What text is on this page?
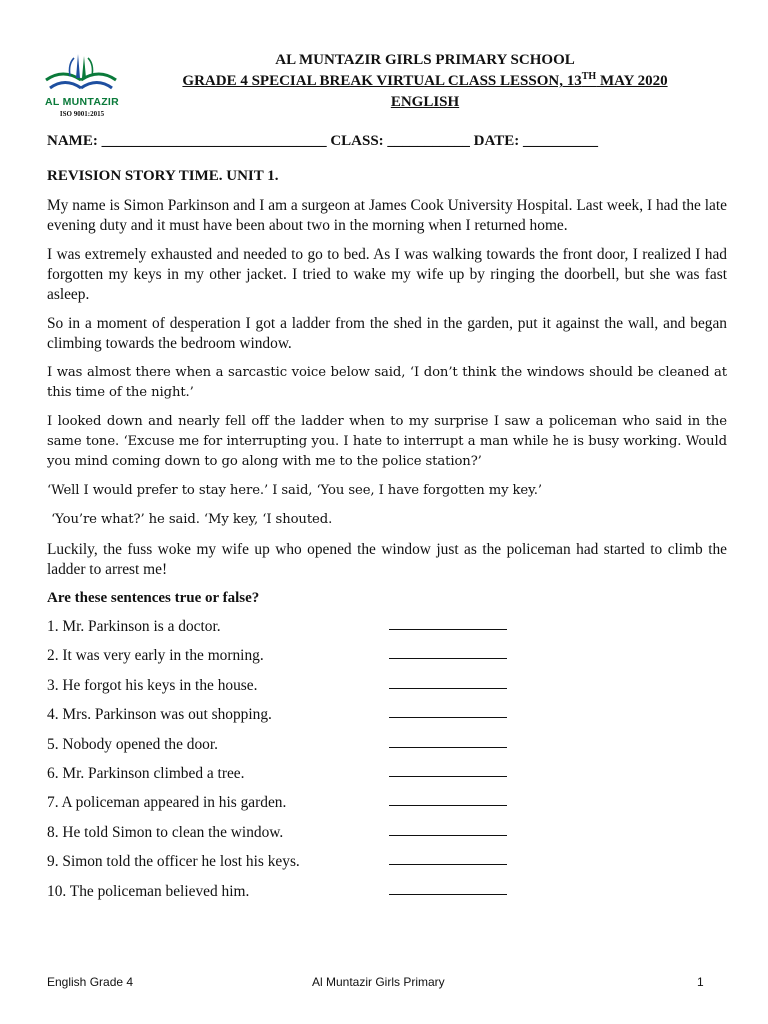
AL MUNTAZIR
ISO 9001:2015
AL MUNTAZIR GIRLS PRIMARY SCHOOL
GRADE 4 SPECIAL BREAK VIRTUAL CLASS LESSON, 13TH MAY 2020
ENGLISH
NAME: ______________________________ CLASS: ___________ DATE: __________
REVISION STORY TIME. UNIT 1.
My name is Simon Parkinson and I am a surgeon at James Cook University Hospital. Last week, I had the late evening duty and it must have been about two in the morning when I returned home.
I was extremely exhausted and needed to go to bed. As I was walking towards the front door, I realized I had forgotten my keys in my other jacket. I tried to wake my wife up by ringing the doorbell, but she was fast asleep.
So in a moment of desperation I got a ladder from the shed in the garden, put it against the wall, and began climbing towards the bedroom window.
I was almost there when a sarcastic voice below said, ‘I don’t think the windows should be cleaned at this time of the night.’
I looked down and nearly fell off the ladder when to my surprise I saw a policeman who said in the same tone. ‘Excuse me for interrupting you. I hate to interrupt a man while he is busy working. Would you mind coming down to go along with me to the police station?’
‘Well I would prefer to stay here.’ I said, ‘You see, I have forgotten my key.’
‘You’re what?’ he said. ‘My key, ‘I shouted.
Luckily, the fuss woke my wife up who opened the window just as the policeman had started to climb the ladder to arrest me!
Are these sentences true or false?
1. Mr. Parkinson is a doctor.
2. It was very early in the morning.
3. He forgot his keys in the house.
4. Mrs. Parkinson was out shopping.
5. Nobody opened the door.
6. Mr. Parkinson climbed a tree.
7. A policeman appeared in his garden.
8. He told Simon to clean the window.
9. Simon told the officer he lost his keys.
10. The policeman believed him.
English Grade 4	Al Muntazir Girls Primary	1
